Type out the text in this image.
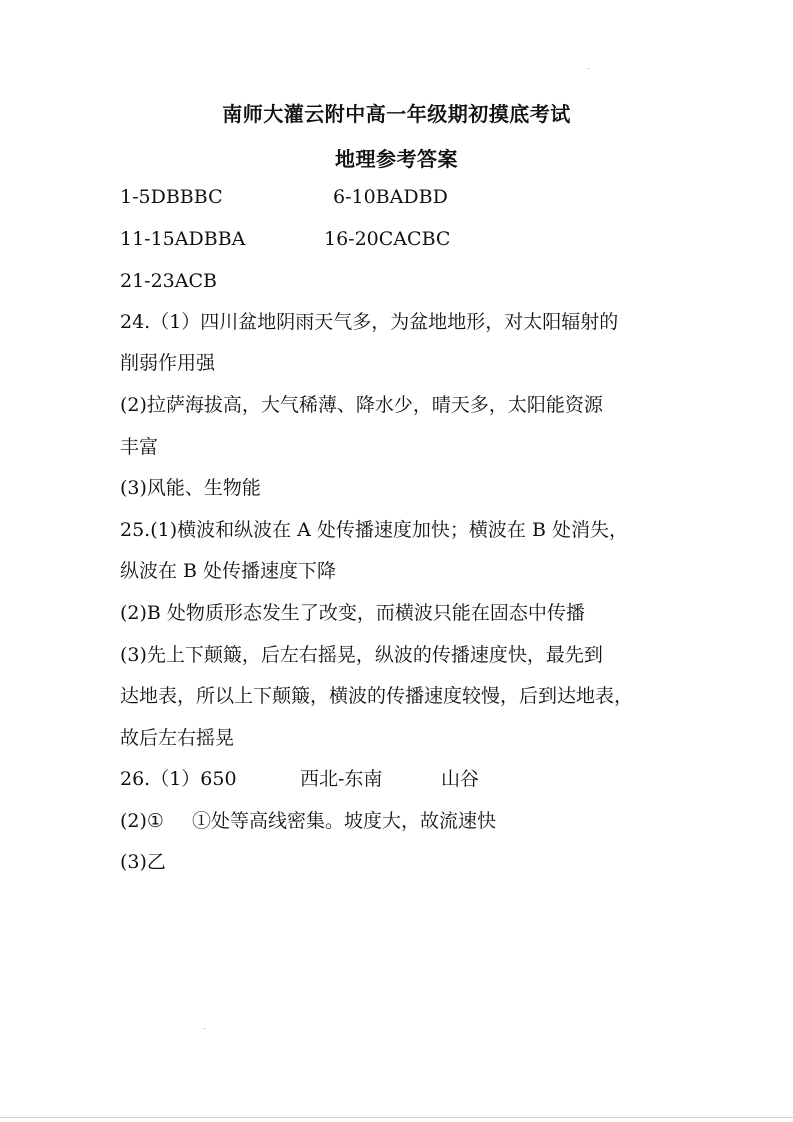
南师大灌云附中高一年级期初摸底考试
地理参考答案
1-5DBBBC	6-10BADBD
11-15ADBBA	16-20CACBC
21-23ACB
24.（1）四川盆地阴雨天气多，为盆地地形，对太阳辐射的
削弱作用强
(2)拉萨海拔高，大气稀薄、降水少，晴天多，太阳能资源
丰富
(3)风能、生物能
25.(1)横波和纵波在 A 处传播速度加快；横波在 B 处消失，
纵波在 B 处传播速度下降
(2)B 处物质形态发生了改变，而横波只能在固态中传播
(3)先上下颠簸，后左右摇晃，纵波的传播速度快，最先到
达地表，所以上下颠簸，横波的传播速度较慢，后到达地表，
故后左右摇晃
26.（1）650	西北-东南	山谷
(2)① ①处等高线密集。坡度大，故流速快
(3)乙
